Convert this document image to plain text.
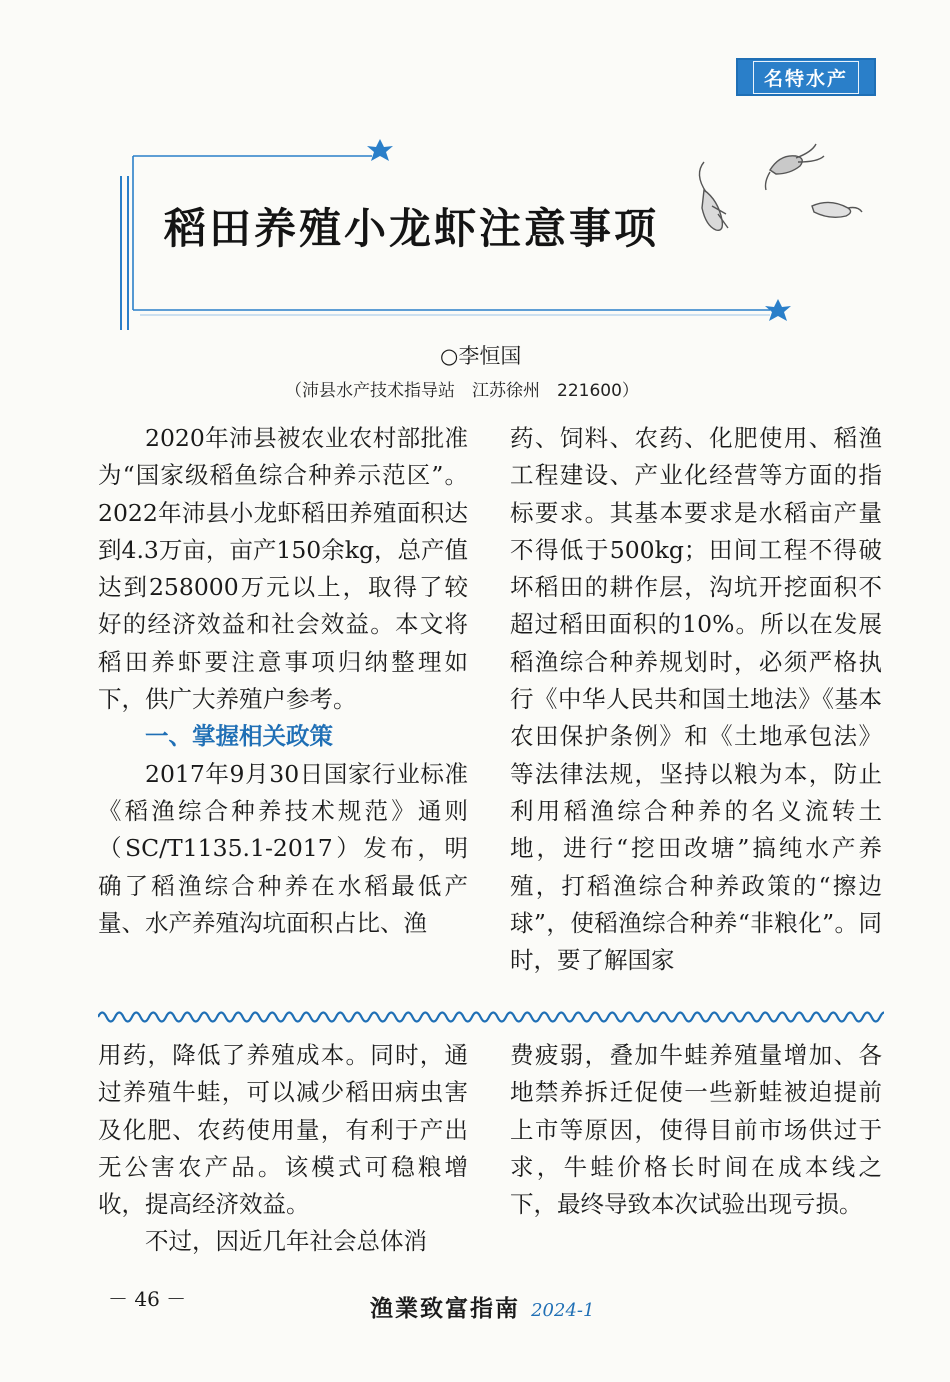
名特水产
稻田养殖小龙虾注意事项
○李恒国
（沛县水产技术指导站　江苏徐州　221600）

2020年沛县被农业农村部批准为“国家级稻鱼综合种养示范区”。2022年沛县小龙虾稻田养殖面积达到4.3万亩，亩产150余kg，总产值达到258000万元以上，取得了较好的经济效益和社会效益。本文将稻田养虾要注意事项归纳整理如下，供广大养殖户参考。

一、掌握相关政策

2017年9月30日国家行业标准《稻渔综合种养技术规范》通则（SC/T1135.1-2017）发布，明确了稻渔综合种养在水稻最低产量、水产养殖沟坑面积占比、渔

药、饲料、农药、化肥使用、稻渔工程建设、产业化经营等方面的指标要求。其基本要求是水稻亩产量不得低于500kg；田间工程不得破坏稻田的耕作层，沟坑开挖面积不超过稻田面积的10%。所以在发展稻渔综合种养规划时，必须严格执行《中华人民共和国土地法》《基本农田保护条例》和《土地承包法》等法律法规，坚持以粮为本，防止利用稻渔综合种养的名义流转土地，进行“挖田改塘”搞纯水产养殖，打稻渔综合种养政策的“擦边球”，使稻渔综合种养“非粮化”。同时，要了解国家

用药，降低了养殖成本。同时，通过养殖牛蛙，可以减少稻田病虫害及化肥、农药使用量，有利于产出无公害农产品。该模式可稳粮增收，提高经济效益。

不过，因近几年社会总体消

费疲弱，叠加牛蛙养殖量增加、各地禁养拆迁促使一些新蛙被迫提前上市等原因，使得目前市场供过于求，牛蛙价格长时间在成本线之下，最终导致本次试验出现亏损。

－ 46 －	渔業致富指南 2024-1
